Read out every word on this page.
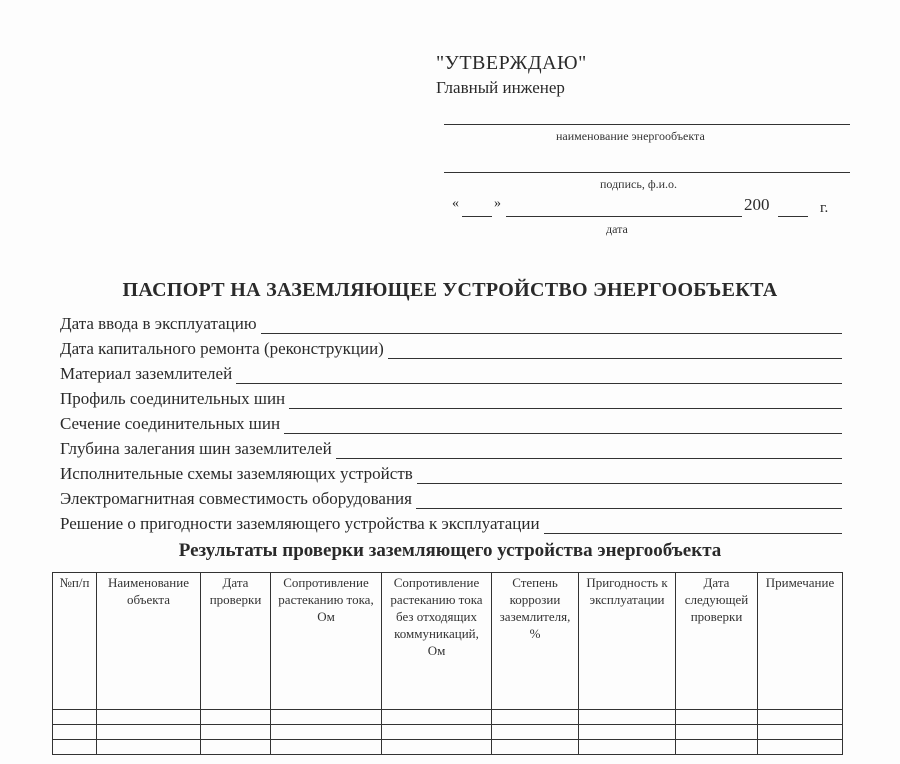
"УТВЕРЖДАЮ"
Главный инженер
наименование энергообъекта
подпись, ф.и.о.
«	»	200	г.
дата
ПАСПОРТ НА ЗАЗЕМЛЯЮЩЕЕ УСТРОЙСТВО ЭНЕРГООБЪЕКТА
Дата ввода в эксплуатацию
Дата капитального ремонта (реконструкции)
Материал заземлителей
Профиль соединительных шин
Сечение соединительных шин
Глубина залегания шин заземлителей
Исполнительные схемы заземляющих устройств
Электромагнитная совместимость оборудования
Решение о пригодности заземляющего устройства к эксплуатации
Результаты проверки заземляющего устройства энергообъекта
№п/п	Наименование объекта	Дата проверки	Сопротивление растеканию тока, Ом	Сопротивление растеканию тока без отходящих коммуникаций, Ом	Степень коррозии заземлителя, %	Пригодность к эксплуатации	Дата следующей проверки	Примечание
